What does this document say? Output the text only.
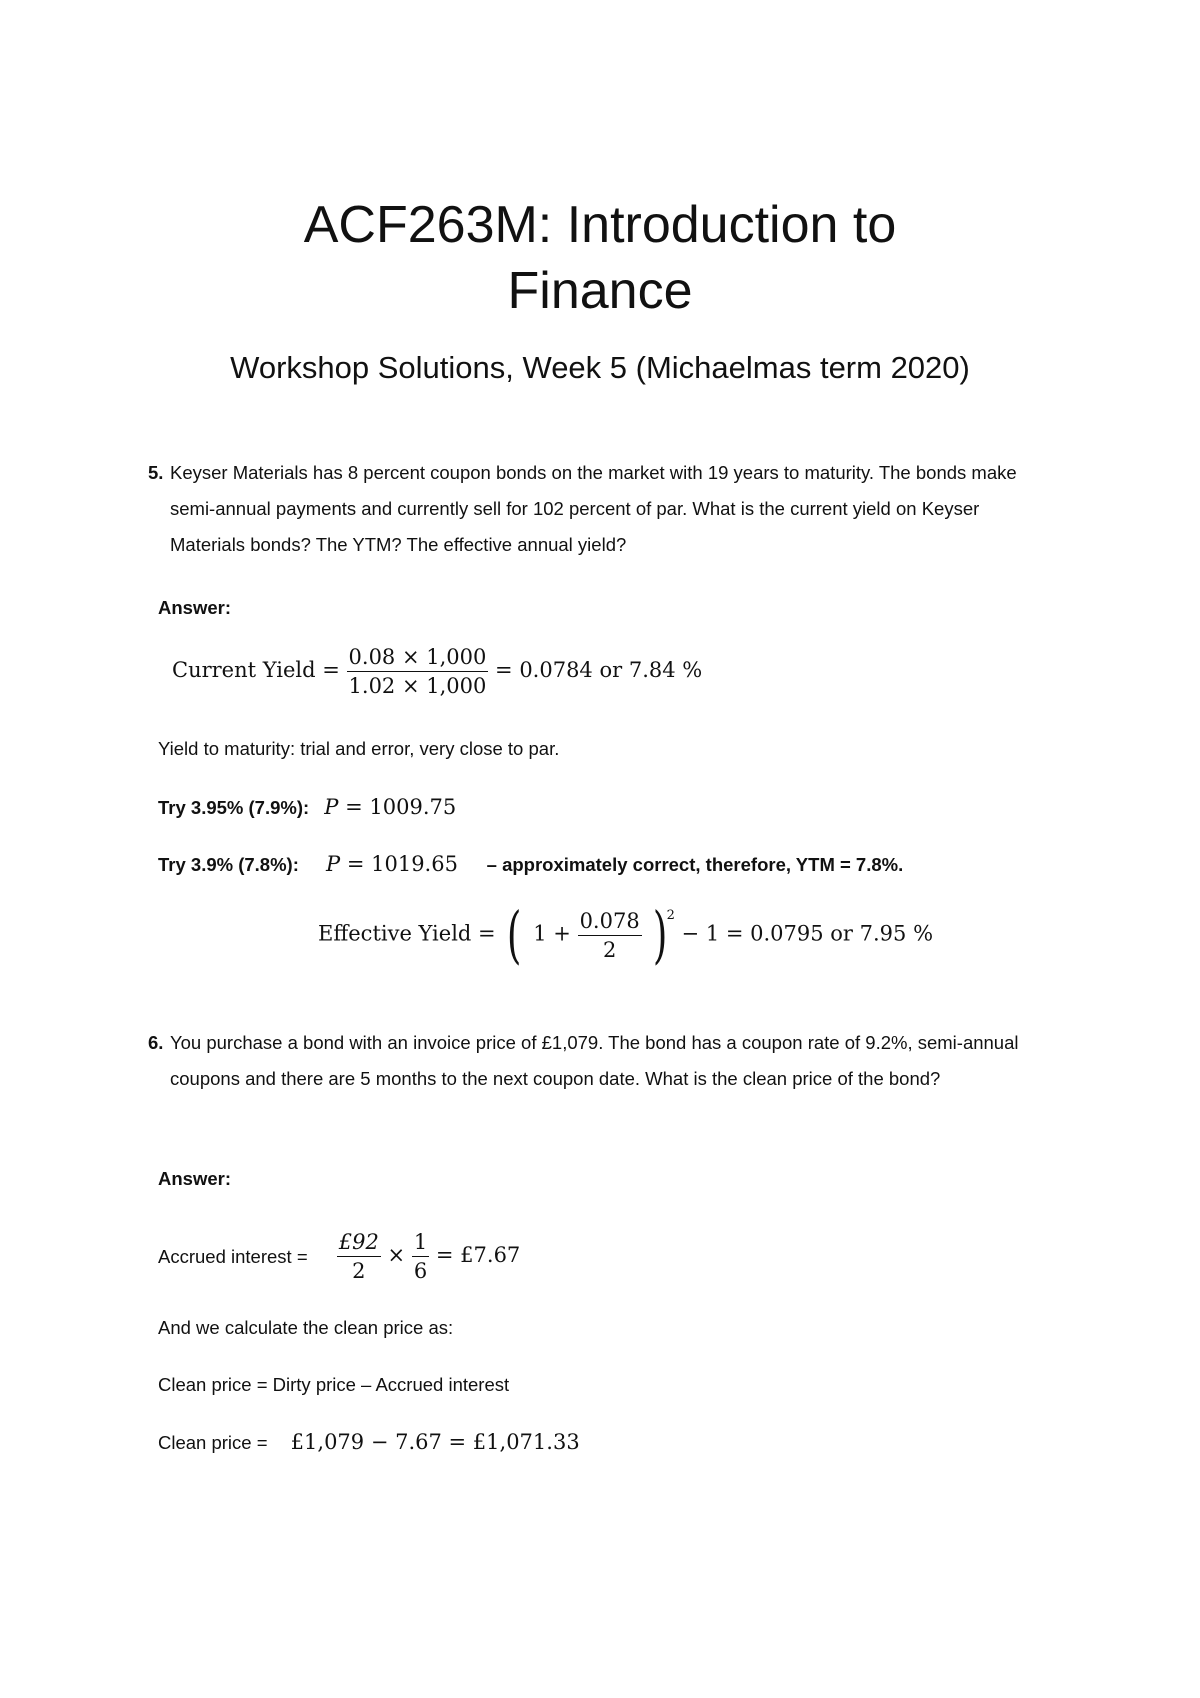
ACF263M: Introduction to
Finance
Workshop Solutions, Week 5 (Michaelmas term 2020)
5. Keyser Materials has 8 percent coupon bonds on the market with 19 years to maturity. The bonds make semi-annual payments and currently sell for 102 percent of par. What is the current yield on Keyser Materials bonds? The YTM? The effective annual yield?
Answer:
Current Yield = $\frac{0.08 \times 1,000}{1.02 \times 1,000} = 0.0784$ or 7.84 %
Yield to maturity: trial and error, very close to par.
Try 3.95% (7.9%): P = 1009.75
Try 3.9% (7.8%): P = 1019.65 – approximately correct, therefore, YTM = 7.8%.
Effective Yield = ( $1 + \frac{0.078}{2} )^2 - 1 = 0.0795$ or 7.95 %
6. You purchase a bond with an invoice price of £1,079. The bond has a coupon rate of 9.2%, semi-annual coupons and there are 5 months to the next coupon date. What is the clean price of the bond?
Answer:
Accrued interest = $\frac{£92}{2} \times \frac{1}{6}$ = £7.67
And we calculate the clean price as:
Clean price = Dirty price – Accrued interest
Clean price = £1,079 − 7.67 = £1,071.33
